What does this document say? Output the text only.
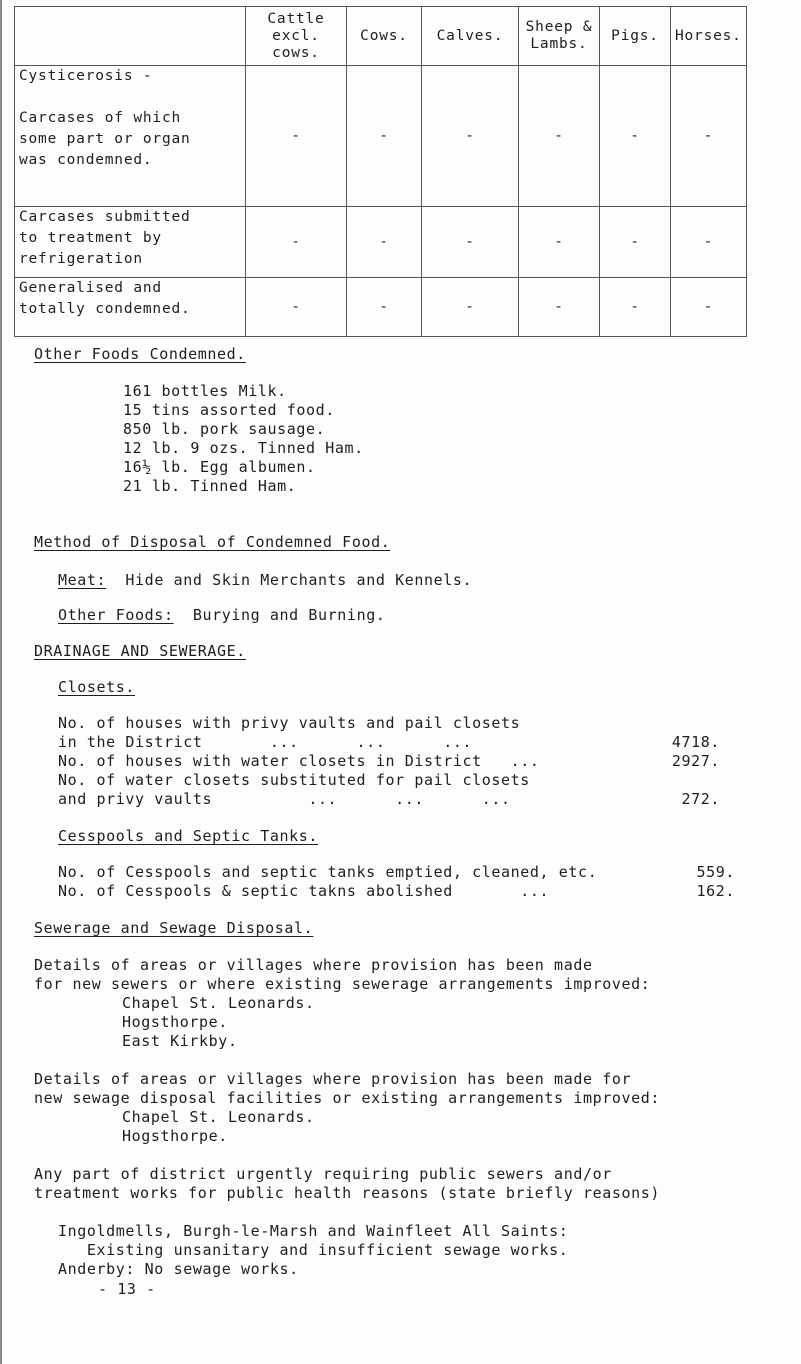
	Cattle excl. cows.	Cows.	Calves.	Sheep & Lambs.	Pigs.	Horses.
Cysticerosis -

Carcases of which
some part or organ
was condemned.	-	-	-	-	-	-
Carcases submitted
to treatment by
refrigeration	-	-	-	-	-	-
Generalised and
totally condemned.	-	-	-	-	-	-
Other Foods Condemned.
161 bottles Milk.
15 tins assorted food.
850 lb. pork sausage.
12 lb. 9 ozs. Tinned Ham.
16½ lb. Egg albumen.
21 lb. Tinned Ham.
Method of Disposal of Condemned Food.
Meat: Hide and Skin Merchants and Kennels.
Other Foods: Burying and Burning.
DRAINAGE AND SEWERAGE.
Closets.
No. of houses with privy vaults and pail closets
in the District       ...      ...      ...	4718.
No. of houses with water closets in District   ...	2927.
No. of water closets substituted for pail closets
and privy vaults          ...      ...      ...	272.
Cesspools and Septic Tanks.
No. of Cesspools and septic tanks emptied, cleaned, etc.	559.
No. of Cesspools & septic takns abolished       ...	162.
Sewerage and Sewage Disposal.
Details of areas or villages where provision has been made
for new sewers or where existing sewerage arrangements improved:
Chapel St. Leonards.
Hogsthorpe.
East Kirkby.
Details of areas or villages where provision has been made for
new sewage disposal facilities or existing arrangements improved:
Chapel St. Leonards.
Hogsthorpe.
Any part of district urgently requiring public sewers and/or
treatment works for public health reasons (state briefly reasons)
Ingoldmells, Burgh-le-Marsh and Wainfleet All Saints:
Existing unsanitary and insufficient sewage works.
Anderby: No sewage works.
- 13 -
